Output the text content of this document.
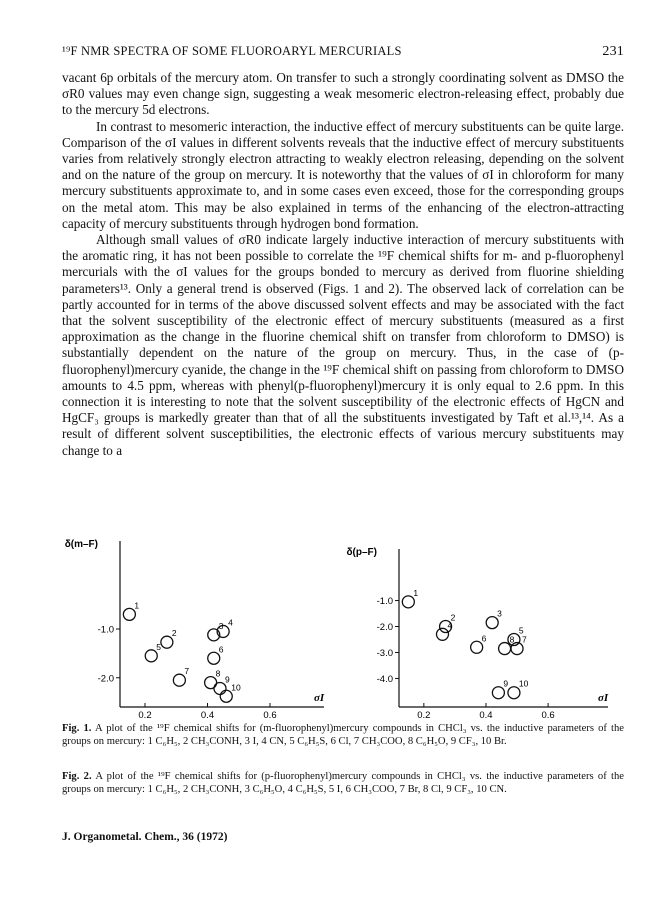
¹⁹F NMR SPECTRA OF SOME FLUOROARYL MERCURIALS	231

vacant 6p orbitals of the mercury atom. On transfer to such a strongly coordinating solvent as DMSO the σR0 values may even change sign, suggesting a weak mesomeric electron-releasing effect, probably due to the mercury 5d electrons.

In contrast to mesomeric interaction, the inductive effect of mercury substituents can be quite large. Comparison of the σI values in different solvents reveals that the inductive effect of mercury substituents varies from relatively strongly electron attracting to weakly electron releasing, depending on the solvent and on the nature of the group on mercury. It is noteworthy that the values of σI in chloroform for many mercury substituents approximate to, and in some cases even exceed, those for the corresponding groups on the metal atom. This may be also explained in terms of the enhancing of the electron-attracting capacity of mercury substituents through hydrogen bond formation.

Although small values of σR0 indicate largely inductive interaction of mercury substituents with the aromatic ring, it has not been possible to correlate the ¹⁹F chemical shifts for m- and p-fluorophenyl mercurials with the σI values for the groups bonded to mercury as derived from fluorine shielding parameters¹³. Only a general trend is observed (Figs. 1 and 2). The observed lack of correlation can be partly accounted for in terms of the above discussed solvent effects and may be associated with the fact that the solvent susceptibility of the electronic effect of mercury substituents (measured as a first approximation as the change in the fluorine chemical shift on transfer from chloroform to DMSO) is substantially dependent on the nature of the group on mercury. Thus, in the case of (p-fluorophenyl)mercury cyanide, the change in the ¹⁹F chemical shift on passing from chloroform to DMSO amounts to 4.5 ppm, whereas with phenyl(p-fluorophenyl)mercury it is only equal to 2.6 ppm. In this connection it is interesting to note that the solvent susceptibility of the electronic effects of HgCN and HgCF₃ groups is markedly greater than that of all the substituents investigated by Taft et al.¹³,¹⁴. As a result of different solvent susceptibilities, the electronic effects of various mercury substituents may change to a

δ(m–F)
-1.0
-2.0
0.2	0.4	0.6
σI
1
2
3 4
5	6
7	8
9
10
δ(p–F)
-1.0
-2.0
-3.0
-4.0
0.2	0.4	0.6
σI
1
2	3
4
5
6	7
8
9 10
Fig. 1. A plot of the ¹⁹F chemical shifts for (m-fluorophenyl)mercury compounds in CHCl₃ vs. the inductive parameters of the groups on mercury: 1 C₆H₅, 2 CH₃CONH, 3 I, 4 CN, 5 C₆H₅S, 6 Cl, 7 CH₃COO, 8 C₆H₅O, 9 CF₃, 10 Br.
Fig. 2. A plot of the ¹⁹F chemical shifts for (p-fluorophenyl)mercury compounds in CHCl₃ vs. the inductive parameters of the groups on mercury: 1 C₆H₅, 2 CH₃CONH, 3 C₆H₅O, 4 C₆H₅S, 5 I, 6 CH₃COO, 7 Br, 8 Cl, 9 CF₃, 10 CN.
J. Organometal. Chem., 36 (1972)
